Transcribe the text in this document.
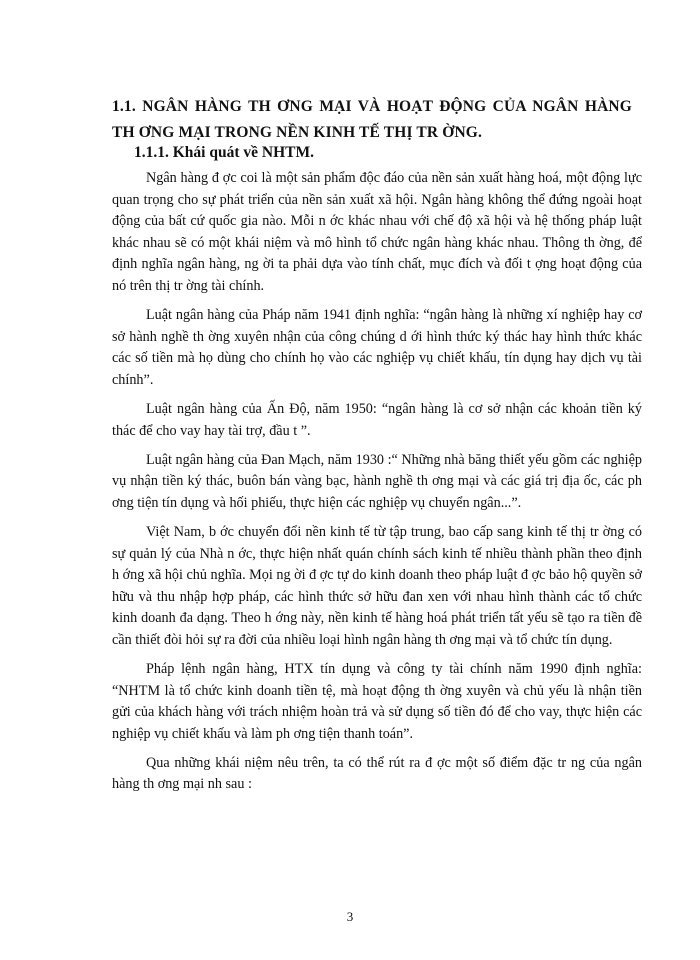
1.1. NGÂN HÀNG TH ƠNG MẠI VÀ HOẠT ĐỘNG CỦA NGÂN HÀNG TH ƠNG MẠI TRONG NỀN KINH TẾ THỊ TR ỜNG.
1.1.1. Khái quát về NHTM.

Ngân hàng đ ợc coi là một sản phẩm độc đáo của nền sản xuất hàng hoá, một động lực quan trọng cho sự phát triển của nền sản xuất xã hội. Ngân hàng không thể đứng ngoài hoạt động của bất cứ quốc gia nào. Mỗi n ớc khác nhau với chế độ xã hội và hệ thống pháp luật khác nhau sẽ có một khái niệm và mô hình tổ chức ngân hàng khác nhau. Thông th ờng, để định nghĩa ngân hàng, ng ời ta phải dựa vào tính chất, mục đích và đối t ợng hoạt động của nó trên thị tr ờng tài chính.

Luật ngân hàng của Pháp năm 1941 định nghĩa: “ngân hàng là những xí nghiệp hay cơ sở hành nghề th ờng xuyên nhận của công chúng d ới hình thức ký thác hay hình thức khác các số tiền mà họ dùng cho chính họ vào các nghiệp vụ chiết khấu, tín dụng hay dịch vụ tài chính”.

Luật ngân hàng của Ấn Độ, năm 1950: “ngân hàng là cơ sở nhận các khoản tiền ký thác để cho vay hay tài trợ, đầu t ”.

Luật ngân hàng của Đan Mạch, năm 1930 :“ Những nhà băng thiết yếu gồm các nghiệp vụ nhận tiền ký thác, buôn bán vàng bạc, hành nghề th ơng mại và các giá trị địa ốc, các ph ơng tiện tín dụng và hối phiếu, thực hiện các nghiệp vụ chuyển ngân...”.

Việt Nam, b ớc chuyển đổi nền kinh tế từ tập trung, bao cấp sang kinh tế thị tr ờng có sự quản lý của Nhà n ớc, thực hiện nhất quán chính sách kinh tế nhiều thành phần theo định h ớng xã hội chủ nghĩa. Mọi ng ời đ ợc tự do kinh doanh theo pháp luật đ ợc bảo hộ quyền sở hữu và thu nhập hợp pháp, các hình thức sở hữu đan xen với nhau hình thành các tổ chức kinh doanh đa dạng. Theo h ớng này, nền kinh tế hàng hoá phát triển tất yếu sẽ tạo ra tiền đề cần thiết đòi hỏi sự ra đời của nhiều loại hình ngân hàng th ơng mại và tổ chức tín dụng.

Pháp lệnh ngân hàng, HTX tín dụng và công ty tài chính năm 1990 định nghĩa: “NHTM là tổ chức kinh doanh tiền tệ, mà hoạt động th ờng xuyên và chủ yếu là nhận tiền gửi của khách hàng với trách nhiệm hoàn trả và sử dụng số tiền đó để cho vay, thực hiện các nghiệp vụ chiết khấu và làm ph ơng tiện thanh toán”.

Qua những khái niệm nêu trên, ta có thể rút ra đ ợc một số điểm đặc tr ng của ngân hàng th ơng mại nh sau :

3
